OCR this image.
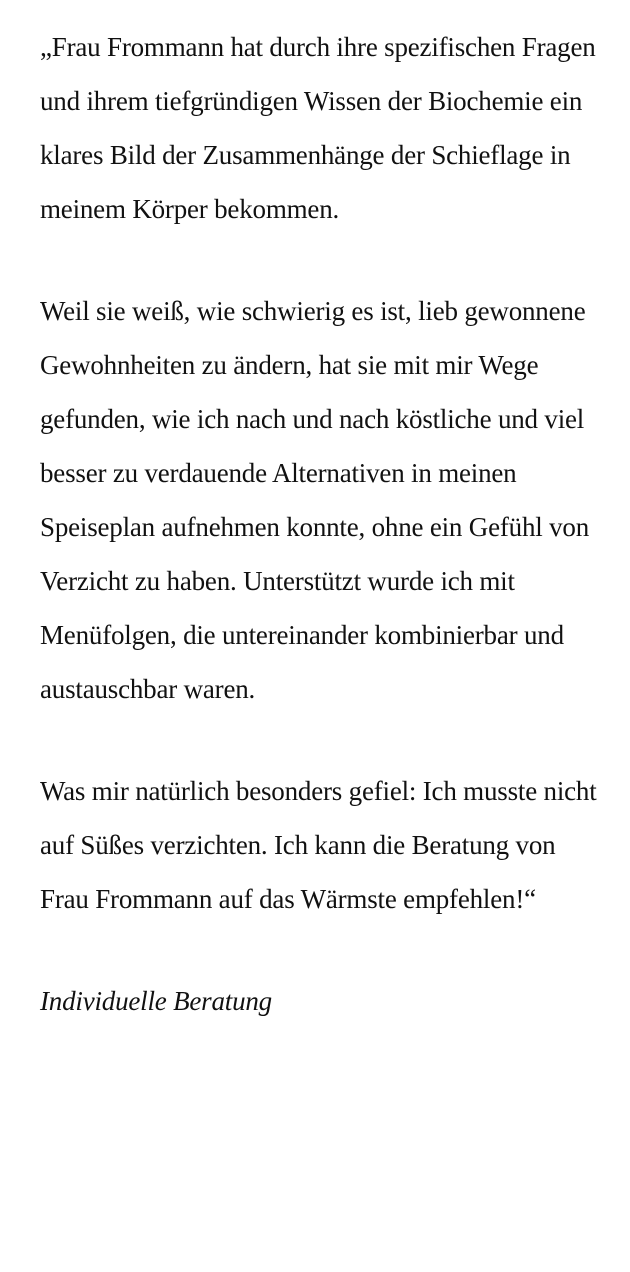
„Frau Frommann hat durch ihre spezifischen Fragen und ihrem tiefgründigen Wissen der Biochemie ein klares Bild der Zusammenhänge der Schieflage in meinem Körper bekommen.

Weil sie weiß, wie schwierig es ist, lieb gewonnene Gewohnheiten zu ändern, hat sie mit mir Wege gefunden, wie ich nach und nach köstliche und viel besser zu verdauende Alternativen in meinen Speiseplan aufnehmen konnte, ohne ein Gefühl von Verzicht zu haben. Unterstützt wurde ich mit Menüfolgen, die untereinander kombinierbar und austauschbar waren.

Was mir natürlich besonders gefiel: Ich musste nicht auf Süßes verzichten. Ich kann die Beratung von Frau Frommann auf das Wärmste empfehlen!“

Individuelle Beratung
